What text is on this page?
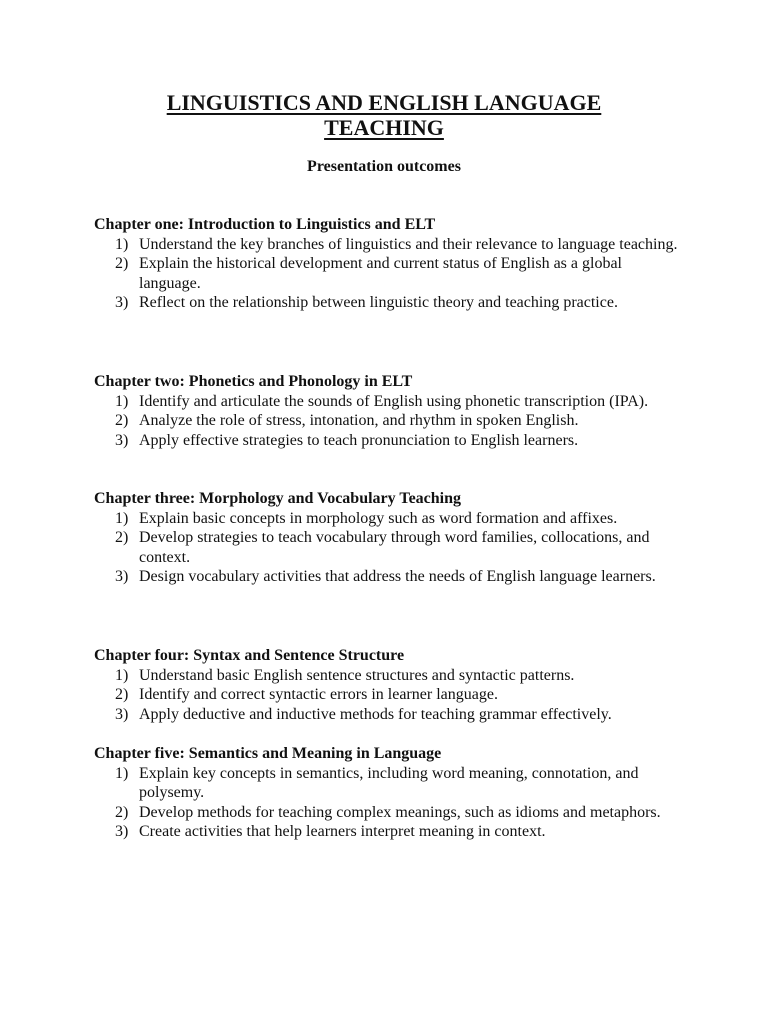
LINGUISTICS AND ENGLISH LANGUAGE
TEACHING
Presentation outcomes
Chapter one: Introduction to Linguistics and ELT
1) Understand the key branches of linguistics and their relevance to language teaching.
2) Explain the historical development and current status of English as a global language.
3) Reflect on the relationship between linguistic theory and teaching practice.
Chapter two: Phonetics and Phonology in ELT
1) Identify and articulate the sounds of English using phonetic transcription (IPA).
2) Analyze the role of stress, intonation, and rhythm in spoken English.
3) Apply effective strategies to teach pronunciation to English learners.
Chapter three: Morphology and Vocabulary Teaching
1) Explain basic concepts in morphology such as word formation and affixes.
2) Develop strategies to teach vocabulary through word families, collocations, and context.
3) Design vocabulary activities that address the needs of English language learners.
Chapter four: Syntax and Sentence Structure
1) Understand basic English sentence structures and syntactic patterns.
2) Identify and correct syntactic errors in learner language.
3) Apply deductive and inductive methods for teaching grammar effectively.
Chapter five: Semantics and Meaning in Language
1) Explain key concepts in semantics, including word meaning, connotation, and polysemy.
2) Develop methods for teaching complex meanings, such as idioms and metaphors.
3) Create activities that help learners interpret meaning in context.
